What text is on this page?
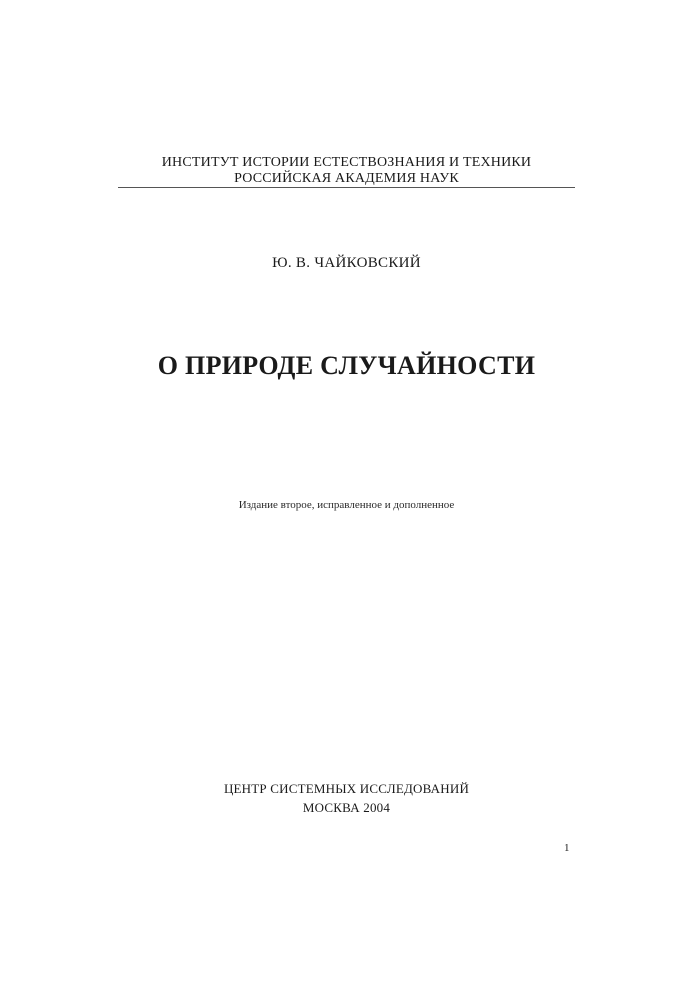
ИНСТИТУТ ИСТОРИИ ЕСТЕСТВОЗНАНИЯ И ТЕХНИКИ
РОССИЙСКАЯ АКАДЕМИЯ НАУК
Ю. В. ЧАЙКОВСКИЙ
О ПРИРОДЕ СЛУЧАЙНОСТИ
Издание второе, исправленное и дополненное
ЦЕНТР СИСТЕМНЫХ ИССЛЕДОВАНИЙ
МОСКВА 2004
1
